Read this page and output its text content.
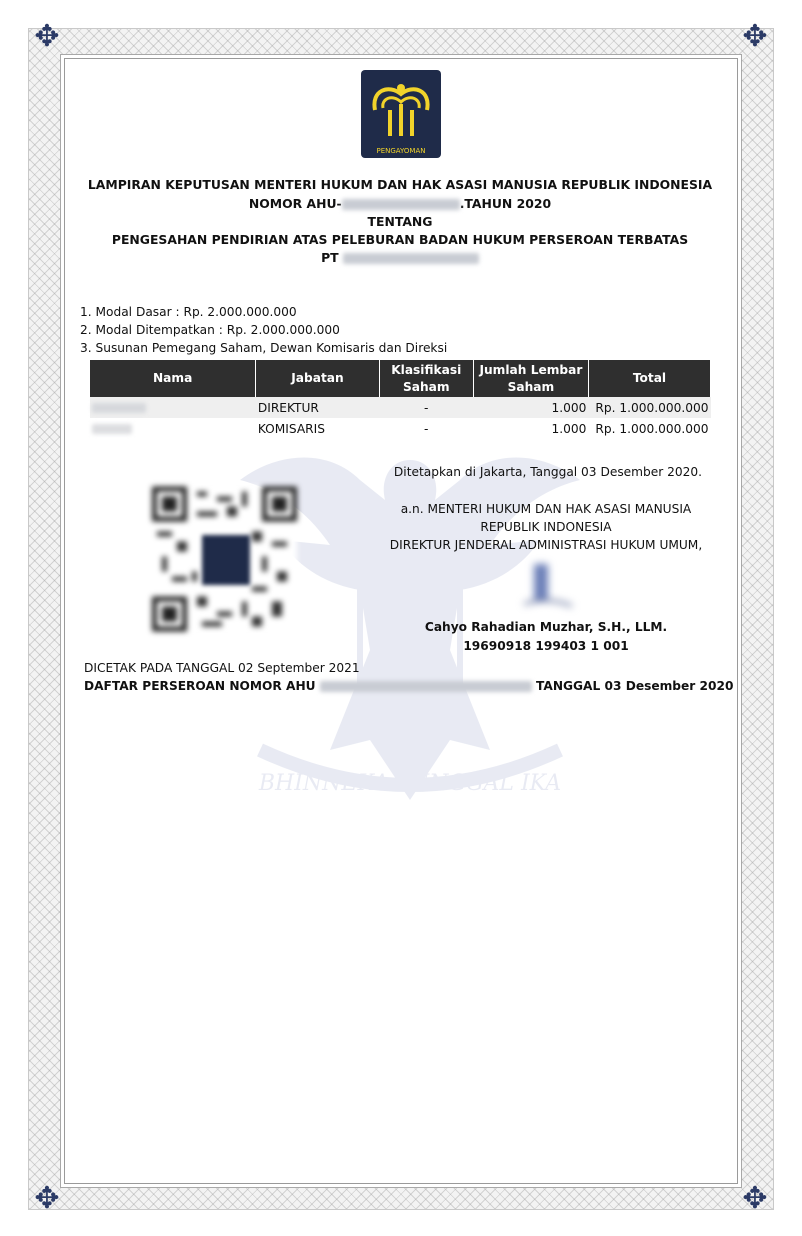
✥	✥
✥	✥
BHINNEKA TUNGGAL IKA
PENGAYOMAN
LAMPIRAN KEPUTUSAN MENTERI HUKUM DAN HAK ASASI MANUSIA REPUBLIK INDONESIA
NOMOR AHU-	.TAHUN 2020
TENTANG
PENGESAHAN PENDIRIAN ATAS PELEBURAN BADAN HUKUM PERSEROAN TERBATAS
PT
1. Modal Dasar : Rp. 2.000.000.000
2. Modal Ditempatkan : Rp. 2.000.000.000
3. Susunan Pemegang Saham, Dewan Komisaris dan Direksi
Nama	Jabatan	Klasifikasi Saham	Jumlah Lembar Saham	Total
	DIREKTUR	-	1.000	Rp. 1.000.000.000
	KOMISARIS	-	1.000	Rp. 1.000.000.000
Ditetapkan di Jakarta, Tanggal 03 Desember 2020.
a.n. MENTERI HUKUM DAN HAK ASASI MANUSIA
REPUBLIK INDONESIA
DIREKTUR JENDERAL ADMINISTRASI HUKUM UMUM,
Cahyo Rahadian Muzhar, S.H., LLM.
19690918 199403 1 001
DICETAK PADA TANGGAL 02 September 2021
DAFTAR PERSEROAN NOMOR AHU	TANGGAL 03 Desember 2020
